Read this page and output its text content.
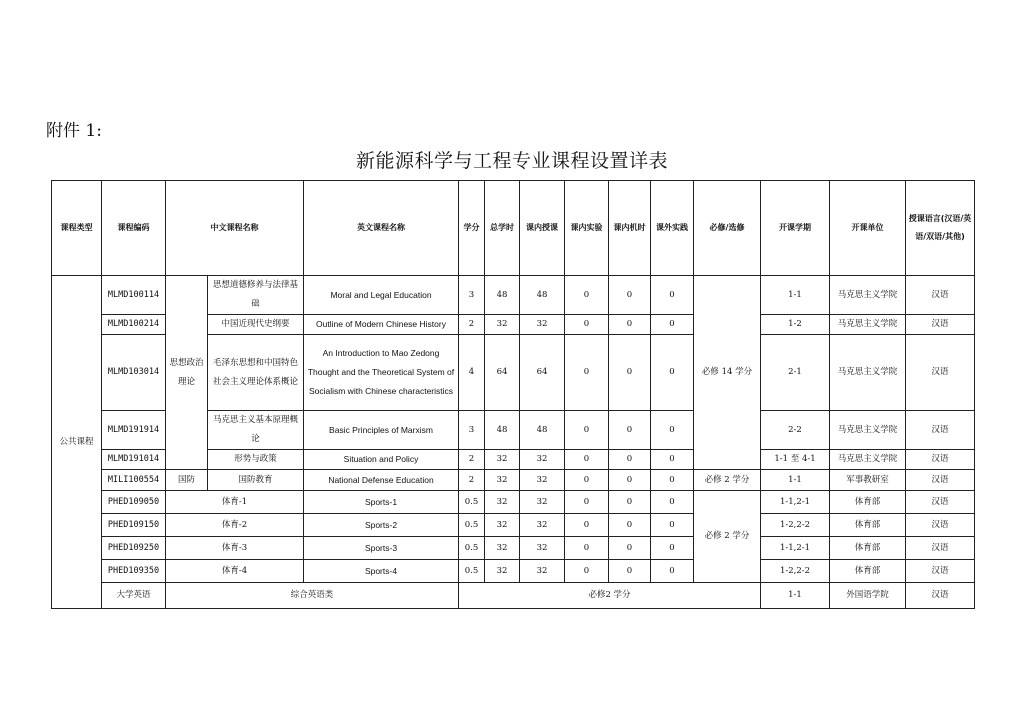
附件 1:
新能源科学与工程专业课程设置详表
课程类型	课程编码	中文课程名称		英文课程名称	学分	总学时	课内授课	课内实验	课内机时	课外实践	必修/选修	开课学期	开课单位	授课语言(汉语/英语/双语/其他)
公共课程	MLMD100114	思想政治理论	思想道德修养与法律基础	Moral and Legal Education	3	48	48	0	0	0	必修 14 学分	1-1	马克思主义学院	汉语
	MLMD100214		中国近现代史纲要	Outline of Modern Chinese History	2	32	32	0	0	0		1-2	马克思主义学院	汉语
	MLMD103014		毛泽东思想和中国特色社会主义理论体系概论	An Introduction to Mao Zedong Thought and the Theoretical System of Socialism with Chinese characteristics	4	64	64	0	0	0		2-1	马克思主义学院	汉语
	MLMD191914		马克思主义基本原理概论	Basic Principles of Marxism	3	48	48	0	0	0		2-2	马克思主义学院	汉语
	MLMD191014		形势与政策	Situation and Policy	2	32	32	0	0	0		1-1 至 4-1	马克思主义学院	汉语
	MILI100554	国防	国防教育	National Defense Education	2	32	32	0	0	0	必修 2 学分	1-1	军事教研室	汉语
	PHED109050	体育-1		Sports-1	0.5	32	32	0	0	0	必修 2 学分	1-1,2-1	体育部	汉语
	PHED109150	体育-2		Sports-2	0.5	32	32	0	0	0		1-2,2-2	体育部	汉语
	PHED109250	体育-3		Sports-3	0.5	32	32	0	0	0		1-1,2-1	体育部	汉语
	PHED109350	体育-4		Sports-4	0.5	32	32	0	0	0		1-2,2-2	体育部	汉语
	大学英语	综合英语类			必修2 学分							1-1	外国语学院	汉语
